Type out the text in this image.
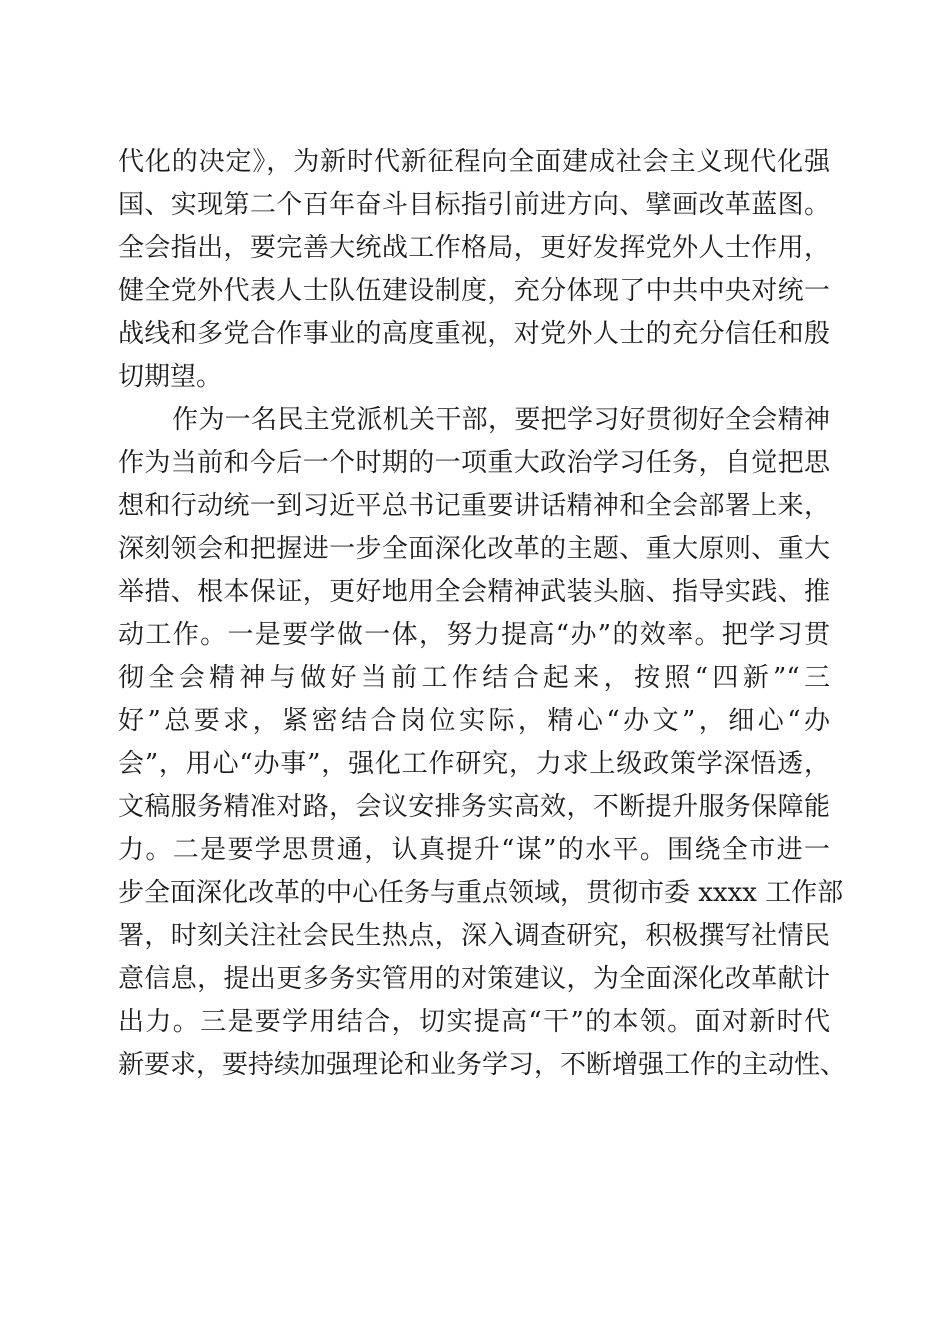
代化的决定》，为新时代新征程向全面建成社会主义现代化强
国、实现第二个百年奋斗目标指引前进方向、擘画改革蓝图。
全会指出，要完善大统战工作格局，更好发挥党外人士作用，
健全党外代表人士队伍建设制度，充分体现了中共中央对统一
战线和多党合作事业的高度重视，对党外人士的充分信任和殷
切期望。
作为一名民主党派机关干部，要把学习好贯彻好全会精神
作为当前和今后一个时期的一项重大政治学习任务，自觉把思
想和行动统一到习近平总书记重要讲话精神和全会部署上来，
深刻领会和把握进一步全面深化改革的主题、重大原则、重大
举措、根本保证，更好地用全会精神武装头脑、指导实践、推
动工作。一是要学做一体，努力提高“办”的效率。把学习贯
彻全会精神与做好当前工作结合起来，按照“四新”“三
好”总要求，紧密结合岗位实际，精心“办文”，细心“办
会”，用心“办事”，强化工作研究，力求上级政策学深悟透，
文稿服务精准对路，会议安排务实高效，不断提升服务保障能
力。二是要学思贯通，认真提升“谋”的水平。围绕全市进一
步全面深化改革的中心任务与重点领域，贯彻市委 xxxx 工作部
署，时刻关注社会民生热点，深入调查研究，积极撰写社情民
意信息，提出更多务实管用的对策建议，为全面深化改革献计
出力。三是要学用结合，切实提高“干”的本领。面对新时代
新要求，要持续加强理论和业务学习，不断增强工作的主动性、
